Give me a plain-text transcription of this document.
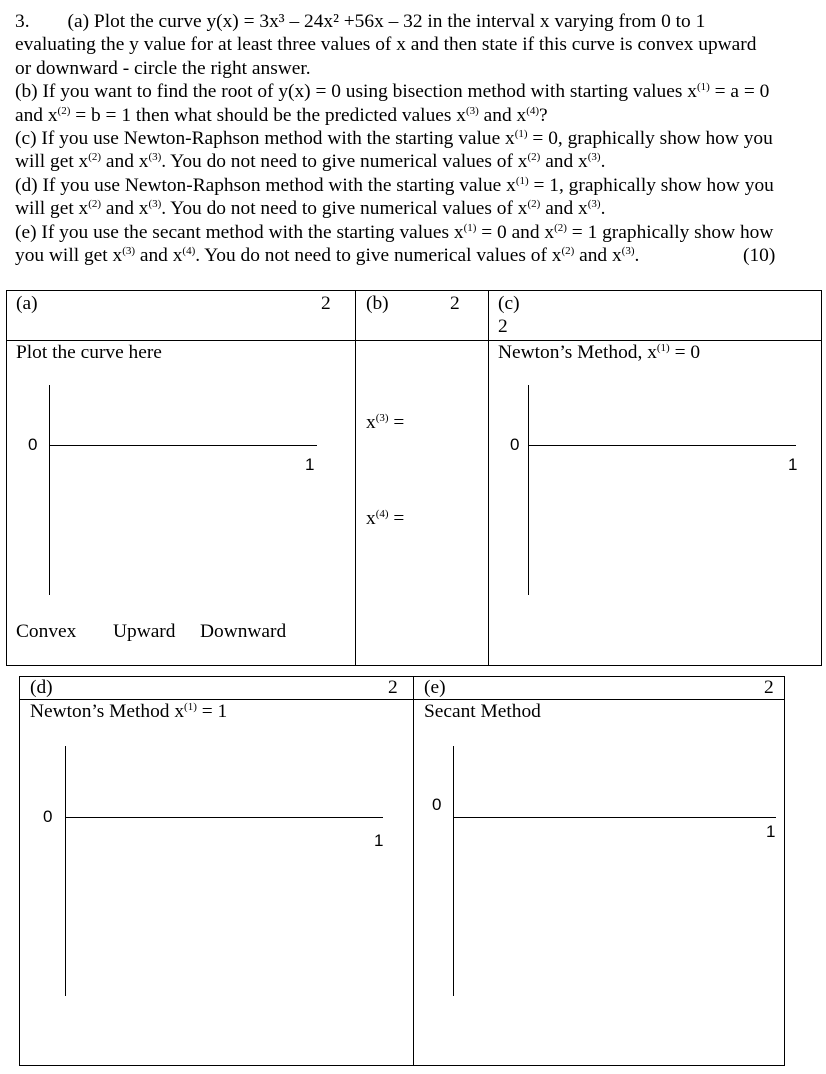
3. (a) Plot the curve y(x) = 3x³ – 24x² +56x – 32 in the interval x varying from 0 to 1
evaluating the y value for at least three values of x and then state if this curve is convex upward
or downward - circle the right answer.
(b) If you want to find the root of y(x) = 0 using bisection method with starting values $x^{(1)} = a = 0$
and $x^{(2)} = b = 1$ then what should be the predicted values $x^{(3)}$ and $x^{(4)}$?
(c) If you use Newton-Raphson method with the starting value $x^{(1)} = 0$, graphically show how you
will get $x^{(2)}$ and $x^{(3)}$. You do not need to give numerical values of $x^{(2)}$ and $x^{(3)}$.
(d) If you use Newton-Raphson method with the starting value $x^{(1)} = 1$, graphically show how you
will get $x^{(2)}$ and $x^{(3)}$. You do not need to give numerical values of $x^{(2)}$ and $x^{(3)}$.
(e) If you use the secant method with the starting values $x^{(1)} = 0$ and $x^{(2)} = 1$ graphically show how
you will get $x^{(3)}$ and $x^{(4)}$. You do not need to give numerical values of $x^{(2)}$ and $x^{(3)}$.	(10)
(a)	2 (b)	2 (c)
2
Plot the curve here
0
1
Convex Upward Downward
$x^{(3)}$ =
$x^{(4)}$ =
Newton’s Method, $x^{(1)} = 0$
0
1
(d)	2 (e)	2
Newton’s Method $x^{(1)} = 1$
0
1
Secant Method
0
1
